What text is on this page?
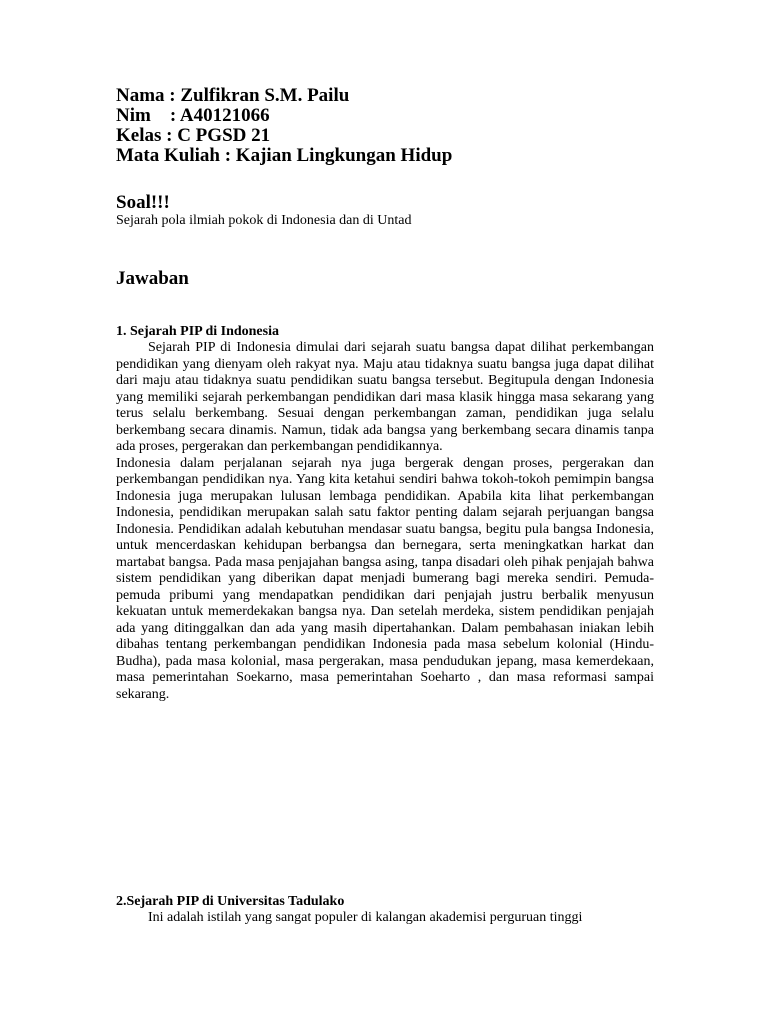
Nama : Zulfikran S.M. Pailu
Nim    : A40121066
Kelas : C PGSD 21
Mata Kuliah : Kajian Lingkungan Hidup
Soal!!!
Sejarah pola ilmiah pokok di Indonesia dan di Untad
Jawaban
1. Sejarah PIP di Indonesia

Sejarah PIP di Indonesia dimulai dari sejarah suatu bangsa dapat dilihat perkembangan pendidikan yang dienyam oleh rakyat nya. Maju atau tidaknya suatu bangsa juga dapat dilihat dari maju atau tidaknya suatu pendidikan suatu bangsa tersebut. Begitupula dengan Indonesia yang memiliki sejarah perkembangan pendidikan dari masa klasik hingga masa sekarang yang terus selalu berkembang. Sesuai dengan perkembangan zaman, pendidikan juga selalu berkembang secara dinamis. Namun, tidak ada bangsa yang berkembang secara dinamis tanpa ada proses, pergerakan dan perkembangan pendidikannya.

Indonesia dalam perjalanan sejarah nya juga bergerak dengan proses, pergerakan dan perkembangan pendidikan nya. Yang kita ketahui sendiri bahwa tokoh-tokoh pemimpin bangsa Indonesia juga merupakan lulusan lembaga pendidikan. Apabila kita lihat perkembangan Indonesia, pendidikan merupakan salah satu faktor penting dalam sejarah perjuangan bangsa Indonesia. Pendidikan adalah kebutuhan mendasar suatu bangsa, begitu pula bangsa Indonesia, untuk mencerdaskan kehidupan berbangsa dan bernegara, serta meningkatkan harkat dan martabat bangsa. Pada masa penjajahan bangsa asing, tanpa disadari oleh pihak penjajah bahwa sistem pendidikan yang diberikan dapat menjadi bumerang bagi mereka sendiri. Pemuda-pemuda pribumi yang mendapatkan pendidikan dari penjajah justru berbalik menyusun kekuatan untuk memerdekakan bangsa nya. Dan setelah merdeka, sistem pendidikan penjajah ada yang ditinggalkan dan ada yang masih dipertahankan. Dalam pembahasan iniakan lebih dibahas tentang perkembangan pendidikan Indonesia pada masa sebelum kolonial (Hindu-Budha), pada masa kolonial, masa pergerakan, masa pendudukan jepang, masa kemerdekaan, masa pemerintahan Soekarno, masa pemerintahan Soeharto , dan masa reformasi sampai sekarang.

2.Sejarah PIP di Universitas Tadulako

Ini adalah istilah yang sangat populer di kalangan akademisi perguruan tinggi
